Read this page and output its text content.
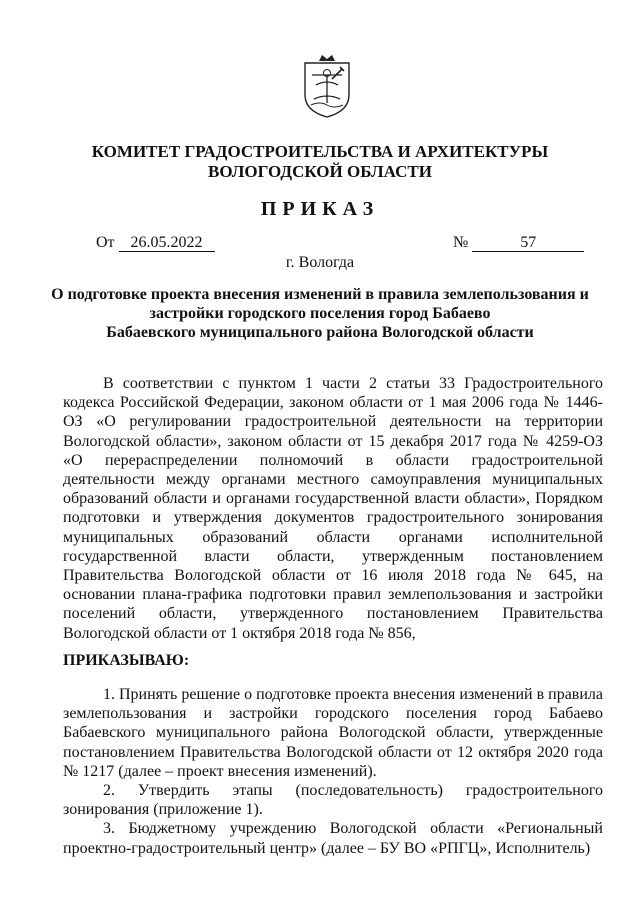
КОМИТЕТ ГРАДОСТРОИТЕЛЬСТВА И АРХИТЕКТУРЫ
ВОЛОГОДСКОЙ ОБЛАСТИ
ПРИКАЗ
От 26.05.2022	№	57
г. Вологда
О подготовке проекта внесения изменений в правила землепользования и
застройки городского поселения город Бабаево
Бабаевского муниципального района Вологодской области
В соответствии с пунктом 1 части 2 статьи 33 Градостроительного кодекса Российской Федерации, законом области от 1 мая 2006 года № 1446-ОЗ «О регулировании градостроительной деятельности на территории Вологодской области», законом области от 15 декабря 2017 года № 4259-ОЗ «О перераспределении полномочий в области градостроительной деятельности между органами местного самоуправления муниципальных образований области и органами государственной власти области», Порядком подготовки и утверждения документов градостроительного зонирования муниципальных образований области органами исполнительной государственной власти области, утвержденным постановлением Правительства Вологодской области от 16 июля 2018 года № 645, на основании плана-графика подготовки правил землепользования и застройки поселений области, утвержденного постановлением Правительства Вологодской области от 1 октября 2018 года № 856,
ПРИКАЗЫВАЮ:

1. Принять решение о подготовке проекта внесения изменений в правила землепользования и застройки городского поселения город Бабаево Бабаевского муниципального района Вологодской области, утвержденные постановлением Правительства Вологодской области от 12 октября 2020 года № 1217 (далее – проект внесения изменений).

2. Утвердить этапы (последовательность) градостроительного зонирования (приложение 1).

3. Бюджетному учреждению Вологодской области «Региональный проектно-градостроительный центр» (далее – БУ ВО «РПГЦ», Исполнитель)
